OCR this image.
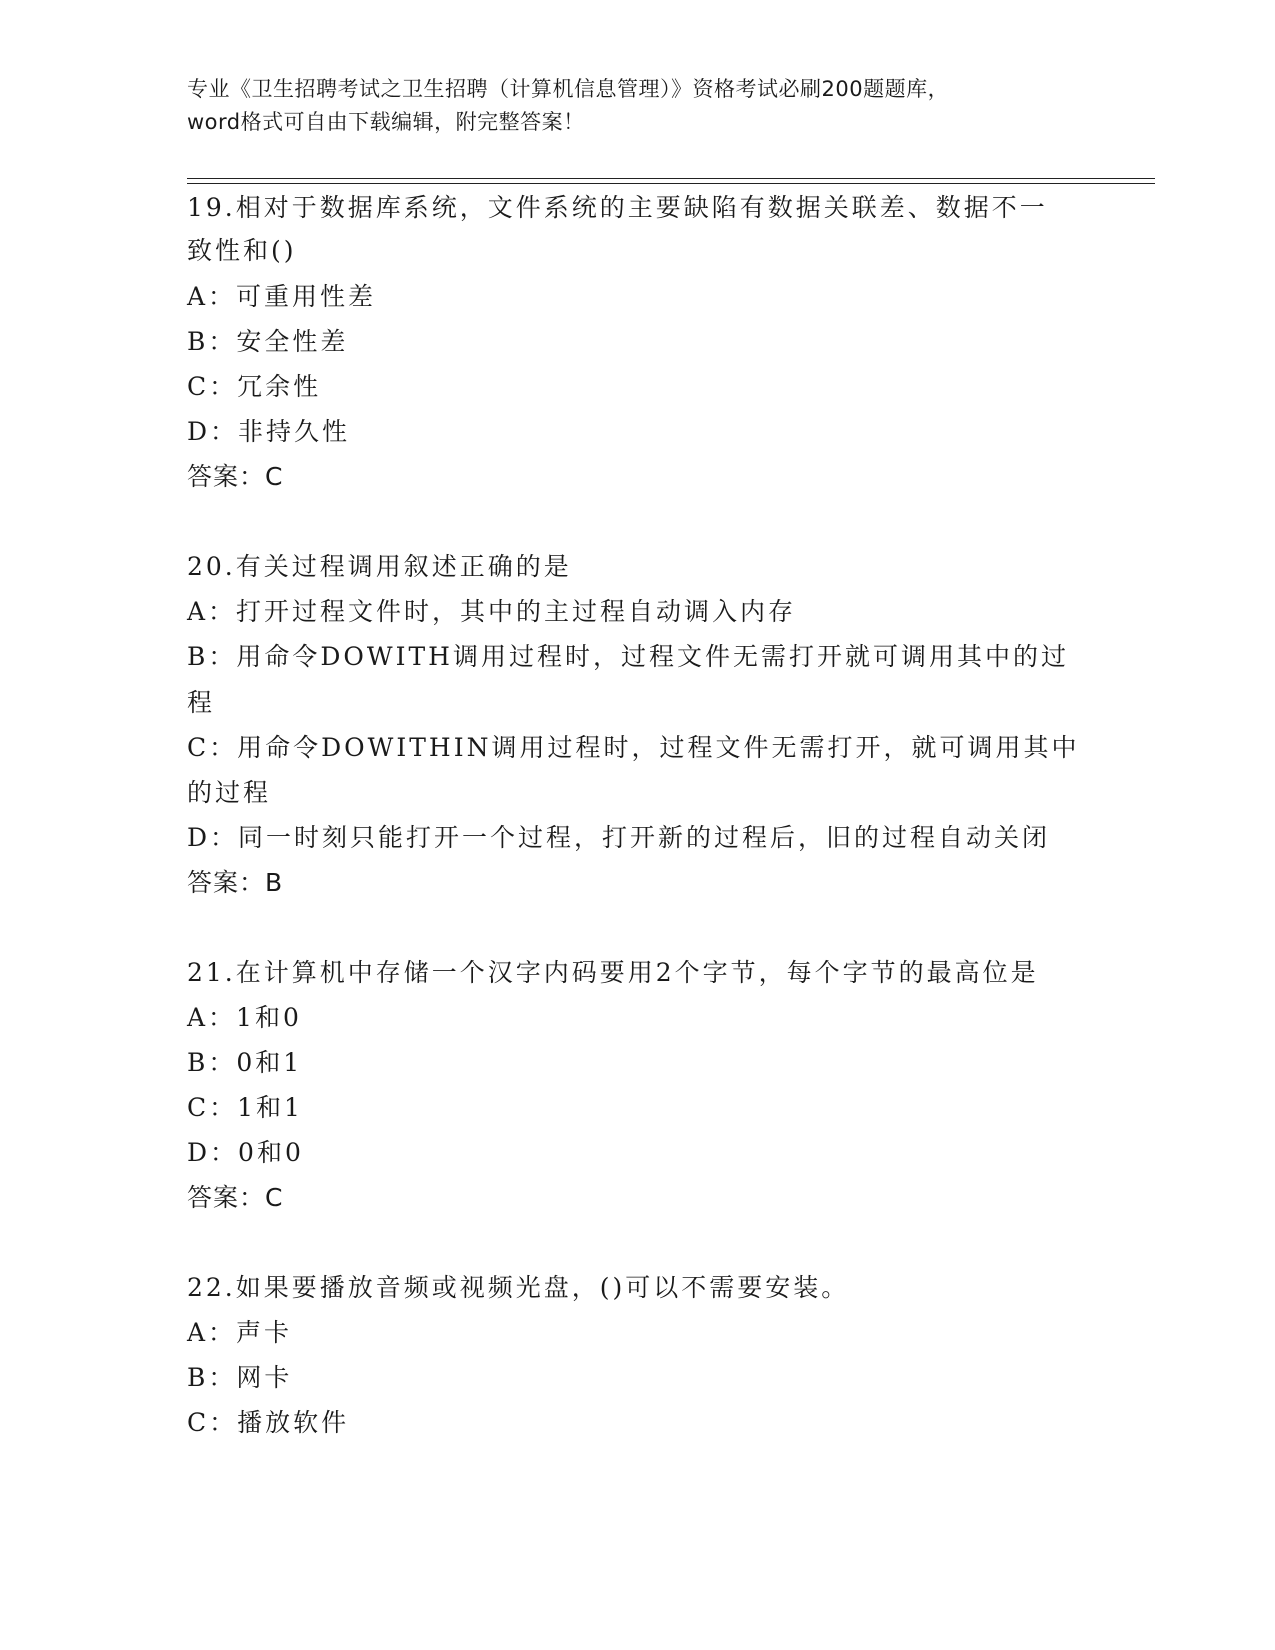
专业《卫生招聘考试之卫生招聘（计算机信息管理）》资格考试必刷200题题库，
word格式可自由下载编辑，附完整答案！
19.相对于数据库系统，文件系统的主要缺陷有数据关联差、数据不一
致性和()
A：可重用性差
B：安全性差
C：冗余性
D：非持久性
答案：C
20.有关过程调用叙述正确的是
A：打开过程文件时，其中的主过程自动调入内存
B：用命令DOWITH调用过程时，过程文件无需打开就可调用其中的过
程
C：用命令DOWITHIN调用过程时，过程文件无需打开，就可调用其中
的过程
D：同一时刻只能打开一个过程，打开新的过程后，旧的过程自动关闭
答案：B
21.在计算机中存储一个汉字内码要用2个字节，每个字节的最高位是
A：1和0
B：0和1
C：1和1
D：0和0
答案：C
22.如果要播放音频或视频光盘，()可以不需要安装。
A：声卡
B：网卡
C：播放软件
